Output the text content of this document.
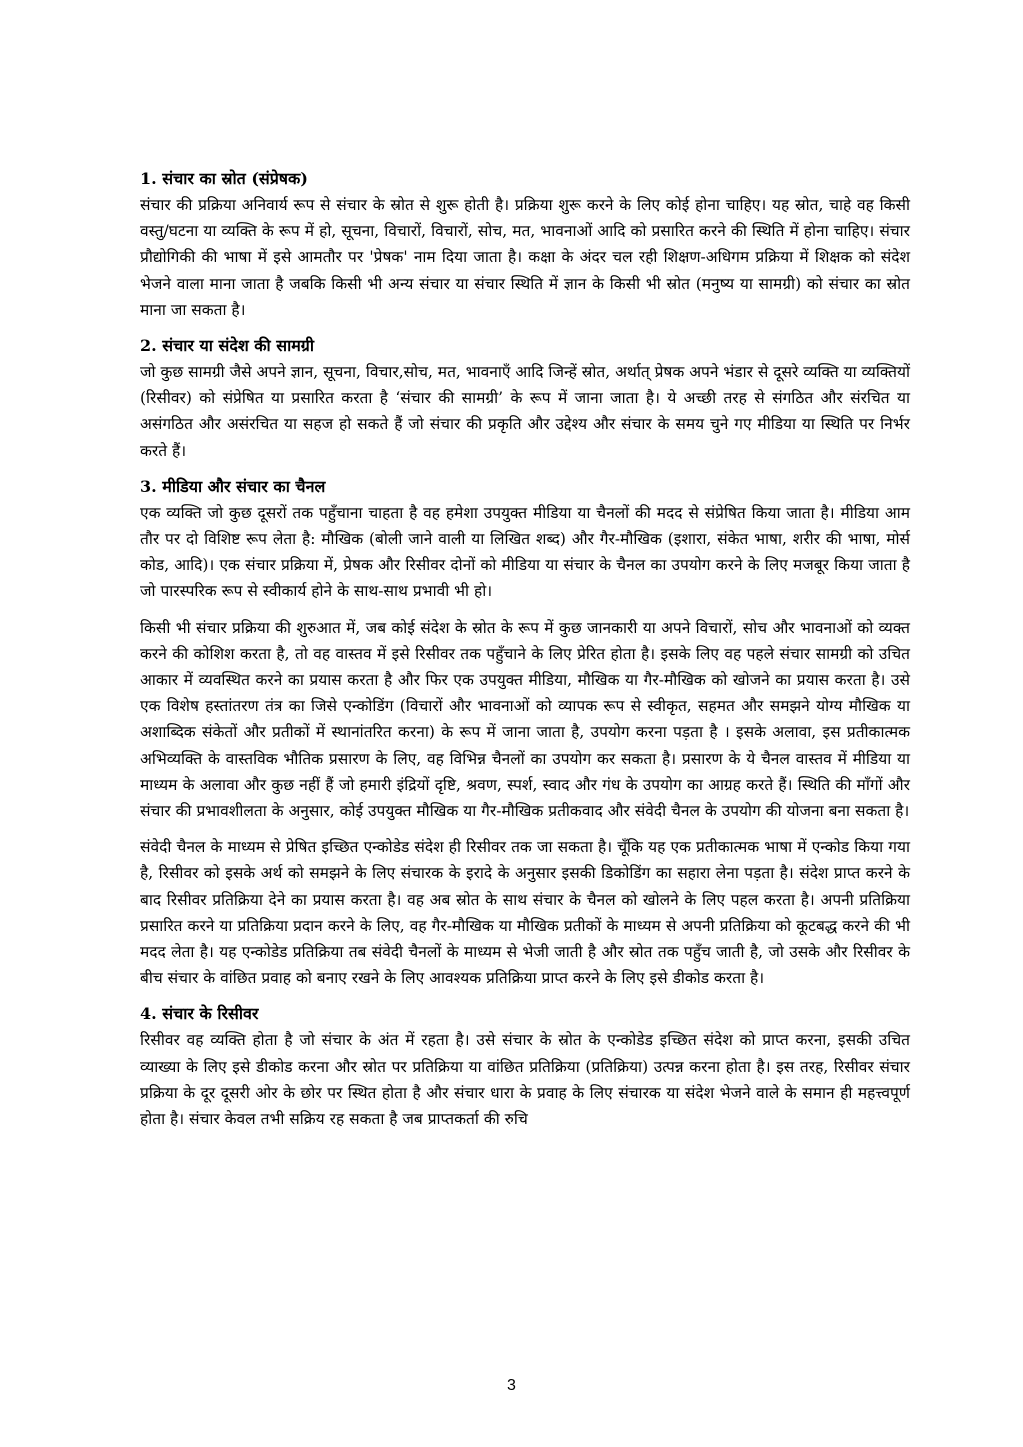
1. संचार का स्रोत (संप्रेषक)

संचार की प्रक्रिया अनिवार्य रूप से संचार के स्रोत से शुरू होती है। प्रक्रिया शुरू करने के लिए कोई होना चाहिए। यह स्रोत, चाहे वह किसी वस्तु/घटना या व्यक्ति के रूप में हो, सूचना, विचारों, विचारों, सोच, मत, भावनाओं आदि को प्रसारित करने की स्थिति में होना चाहिए। संचार प्रौद्योगिकी की भाषा में इसे आमतौर पर 'प्रेषक' नाम दिया जाता है। कक्षा के अंदर चल रही शिक्षण-अधिगम प्रक्रिया में शिक्षक को संदेश भेजने वाला माना जाता है जबकि किसी भी अन्य संचार या संचार स्थिति में ज्ञान के किसी भी स्रोत (मनुष्य या सामग्री) को संचार का स्रोत माना जा सकता है।

2. संचार या संदेश की सामग्री

जो कुछ सामग्री जैसे अपने ज्ञान, सूचना, विचार,सोच, मत, भावनाएँ आदि जिन्हें स्रोत, अर्थात् प्रेषक अपने भंडार से दूसरे व्यक्ति या व्यक्तियों (रिसीवर) को संप्रेषित या प्रसारित करता है ‘संचार की सामग्री’ के रूप में जाना जाता है। ये अच्छी तरह से संगठित और संरचित या असंगठित और असंरचित या सहज हो सकते हैं जो संचार की प्रकृति और उद्देश्य और संचार के समय चुने गए मीडिया या स्थिति पर निर्भर करते हैं।

3. मीडिया और संचार का चैनल

एक व्यक्ति जो कुछ दूसरों तक पहुँचाना चाहता है वह हमेशा उपयुक्त मीडिया या चैनलों की मदद से संप्रेषित किया जाता है। मीडिया आम तौर पर दो विशिष्ट रूप लेता है: मौखिक (बोली जाने वाली या लिखित शब्द) और गैर-मौखिक (इशारा, संकेत भाषा, शरीर की भाषा, मोर्स कोड, आदि)। एक संचार प्रक्रिया में, प्रेषक और रिसीवर दोनों को मीडिया या संचार के चैनल का उपयोग करने के लिए मजबूर किया जाता है जो पारस्परिक रूप से स्वीकार्य होने के साथ-साथ प्रभावी भी हो।

किसी भी संचार प्रक्रिया की शुरुआत में, जब कोई संदेश के स्रोत के रूप में कुछ जानकारी या अपने विचारों, सोच और भावनाओं को व्यक्त करने की कोशिश करता है, तो वह वास्तव में इसे रिसीवर तक पहुँचाने के लिए प्रेरित होता है। इसके लिए वह पहले संचार सामग्री को उचित आकार में व्यवस्थित करने का प्रयास करता है और फिर एक उपयुक्त मीडिया, मौखिक या गैर-मौखिक को खोजने का प्रयास करता है। उसे एक विशेष हस्तांतरण तंत्र का जिसे एन्कोडिंग (विचारों और भावनाओं को व्यापक रूप से स्वीकृत, सहमत और समझने योग्य मौखिक या अशाब्दिक संकेतों और प्रतीकों में स्थानांतरित करना) के रूप में जाना जाता है, उपयोग करना पड़ता है । इसके अलावा, इस प्रतीकात्मक अभिव्यक्ति के वास्तविक भौतिक प्रसारण के लिए, वह विभिन्न चैनलों का उपयोग कर सकता है। प्रसारण के ये चैनल वास्तव में मीडिया या माध्यम के अलावा और कुछ नहीं हैं जो हमारी इंद्रियों दृष्टि, श्रवण, स्पर्श, स्वाद और गंध के उपयोग का आग्रह करते हैं। स्थिति की माँगों और संचार की प्रभावशीलता के अनुसार, कोई उपयुक्त मौखिक या गैर-मौखिक प्रतीकवाद और संवेदी चैनल के उपयोग की योजना बना सकता है।

संवेदी चैनल के माध्यम से प्रेषित इच्छित एन्कोडेड संदेश ही रिसीवर तक जा सकता है। चूँकि यह एक प्रतीकात्मक भाषा में एन्कोड किया गया है, रिसीवर को इसके अर्थ को समझने के लिए संचारक के इरादे के अनुसार इसकी डिकोडिंग का सहारा लेना पड़ता है। संदेश प्राप्त करने के बाद रिसीवर प्रतिक्रिया देने का प्रयास करता है। वह अब स्रोत के साथ संचार के चैनल को खोलने के लिए पहल करता है। अपनी प्रतिक्रिया प्रसारित करने या प्रतिक्रिया प्रदान करने के लिए, वह गैर-मौखिक या मौखिक प्रतीकों के माध्यम से अपनी प्रतिक्रिया को कूटबद्ध करने की भी मदद लेता है। यह एन्कोडेड प्रतिक्रिया तब संवेदी चैनलों के माध्यम से भेजी जाती है और स्रोत तक पहुँच जाती है, जो उसके और रिसीवर के बीच संचार के वांछित प्रवाह को बनाए रखने के लिए आवश्यक प्रतिक्रिया प्राप्त करने के लिए इसे डीकोड करता है।

4. संचार के रिसीवर

रिसीवर वह व्यक्ति होता है जो संचार के अंत में रहता है। उसे संचार के स्रोत के एन्कोडेड इच्छित संदेश को प्राप्त करना, इसकी उचित व्याख्या के लिए इसे डीकोड करना और स्रोत पर प्रतिक्रिया या वांछित प्रतिक्रिया (प्रतिक्रिया) उत्पन्न करना होता है। इस तरह, रिसीवर संचार प्रक्रिया के दूर दूसरी ओर के छोर पर स्थित होता है और संचार धारा के प्रवाह के लिए संचारक या संदेश भेजने वाले के समान ही महत्त्वपूर्ण होता है। संचार केवल तभी सक्रिय रह सकता है जब प्राप्तकर्ता की रुचि

3
